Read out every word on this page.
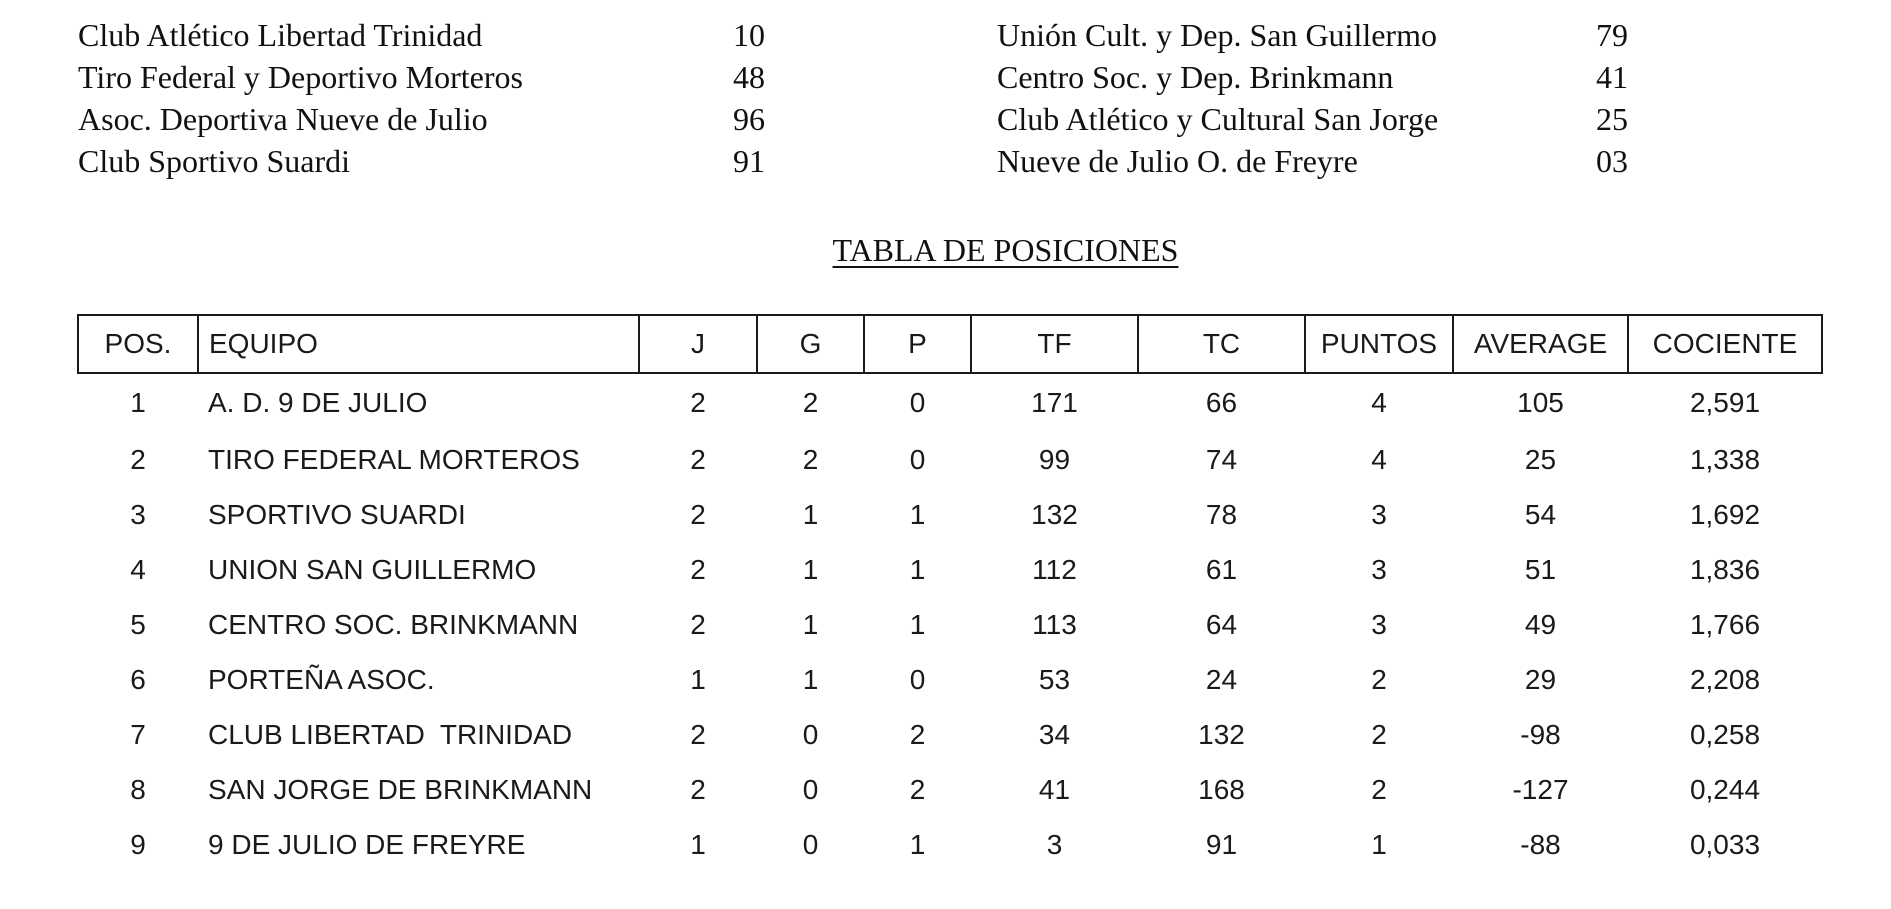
Club Atlético Libertad Trinidad	10	Unión Cult. y Dep. San Guillermo	79
Tiro Federal y Deportivo Morteros	48	Centro Soc. y Dep. Brinkmann	41
Asoc. Deportiva Nueve de Julio	96	Club Atlético y Cultural San Jorge	25
Club Sportivo Suardi	91	Nueve de Julio O. de Freyre	03
TABLA DE POSICIONES
POS.	EQUIPO	J	G	P	TF	TC	PUNTOS	AVERAGE	COCIENTE
1	A. D. 9 DE JULIO	2	2	0	171	66	4	105	2,591
2	TIRO FEDERAL MORTEROS	2	2	0	99	74	4	25	1,338
3	SPORTIVO SUARDI	2	1	1	132	78	3	54	1,692
4	UNION SAN GUILLERMO	2	1	1	112	61	3	51	1,836
5	CENTRO SOC. BRINKMANN	2	1	1	113	64	3	49	1,766
6	PORTEÑA ASOC.	1	1	0	53	24	2	29	2,208
7	CLUB LIBERTAD  TRINIDAD	2	0	2	34	132	2	-98	0,258
8	SAN JORGE DE BRINKMANN	2	0	2	41	168	2	-127	0,244
9	9 DE JULIO DE FREYRE	1	0	1	3	91	1	-88	0,033
